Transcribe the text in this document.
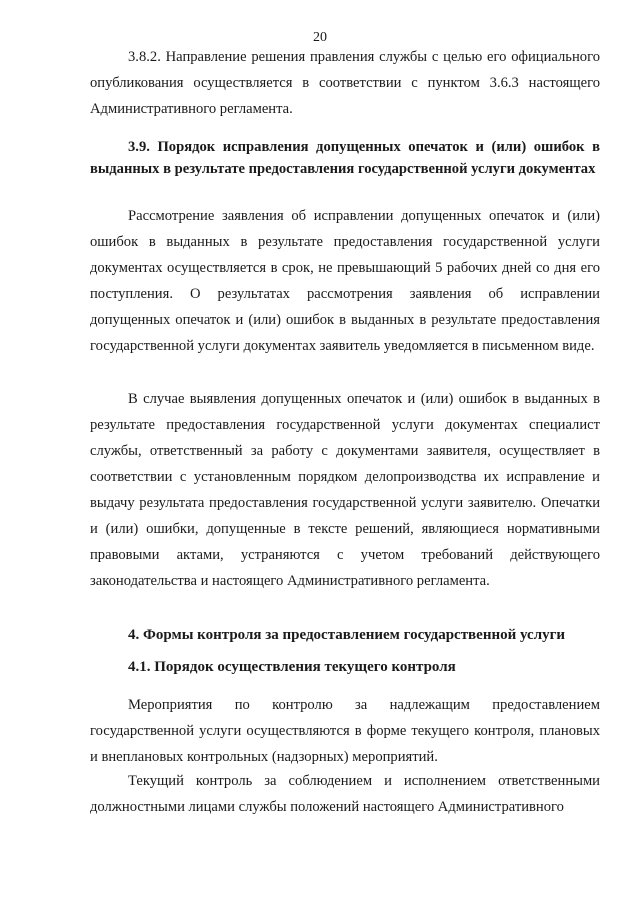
20

3.8.2. Направление решения правления службы с целью его официального опубликования осуществляется в соответствии с пунктом 3.6.3 настоящего Административного регламента.

3.9. Порядок исправления допущенных опечаток и (или) ошибок в выданных в результате предоставления государственной услуги документах

Рассмотрение заявления об исправлении допущенных опечаток и (или) ошибок в выданных в результате предоставления государственной услуги документах осуществляется в срок, не превышающий 5 рабочих дней со дня его поступления. О результатах рассмотрения заявления об исправлении допущенных опечаток и (или) ошибок в выданных в результате предоставления государственной услуги документах заявитель уведомляется в письменном виде.

В случае выявления допущенных опечаток и (или) ошибок в выданных в результате предоставления государственной услуги документах специалист службы, ответственный за работу с документами заявителя, осуществляет в соответствии с установленным порядком делопроизводства их исправление и выдачу результата предоставления государственной услуги заявителю. Опечатки и (или) ошибки, допущенные в тексте решений, являющиеся нормативными правовыми актами, устраняются с учетом требований действующего законодательства и настоящего Административного регламента.

4. Формы контроля за предоставлением государственной услуги

4.1. Порядок осуществления текущего контроля

Мероприятия по контролю за надлежащим предоставлением государственной услуги осуществляются в форме текущего контроля, плановых и внеплановых контрольных (надзорных) мероприятий.

Текущий контроль за соблюдением и исполнением ответственными должностными лицами службы положений настоящего Административного
